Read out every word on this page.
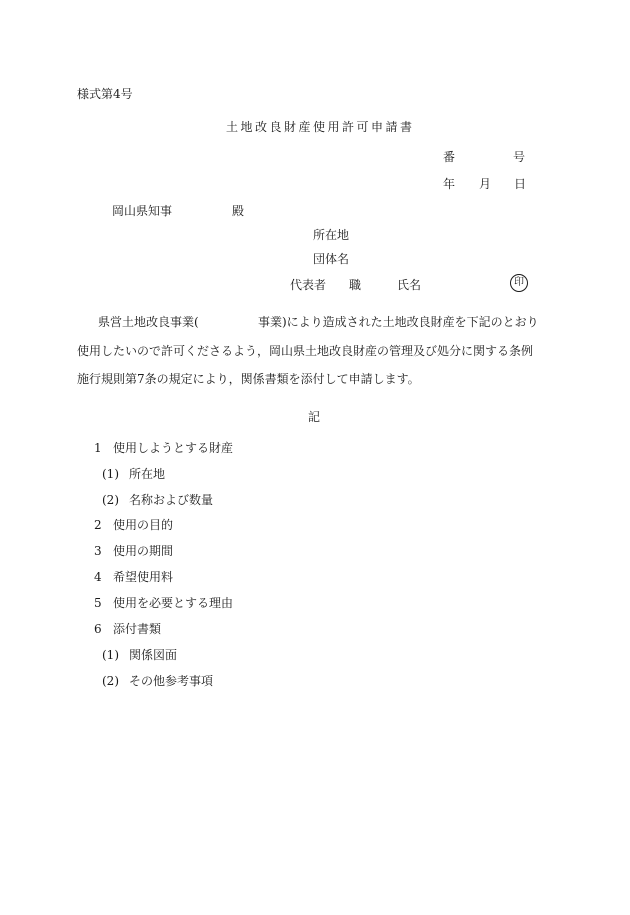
様式第4号
土地改良財産使用許可申請書
番	号
年 月 日
岡山県知事	殿
所在地
団体名
代表者 職	氏名	印
県営土地改良事業(	事業)により造成された土地改良財産を下記のとおり
使用したいので許可くださるよう，岡山県土地改良財産の管理及び処分に関する条例
施行規則第7条の規定により，関係書類を添付して申請します。
記
1 使用しようとする財産
(1) 所在地
(2) 名称および数量
2 使用の目的
3 使用の期間
4 希望使用料
5 使用を必要とする理由
6 添付書類
(1) 関係図面
(2) その他参考事項
